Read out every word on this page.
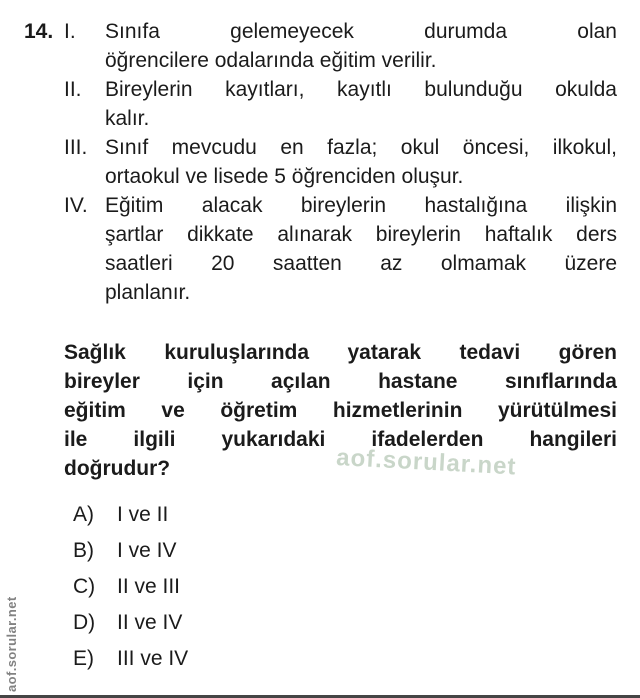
aof.sorular.net
aof.sorular.net
14. I.	Sınıfa gelemeyecek durumda olan
öğrencilere odalarında eğitim verilir.
II.	Bireylerin kayıtları, kayıtlı bulunduğu okulda
kalır.
III. Sınıf mevcudu en fazla; okul öncesi, ilkokul,
ortaokul ve lisede 5 öğrenciden oluşur.
IV. Eğitim alacak bireylerin hastalığına ilişkin
şartlar dikkate alınarak bireylerin haftalık ders
saatleri 20 saatten az olmamak üzere
planlanır.
Sağlık kuruluşlarında yatarak tedavi gören
bireyler için açılan hastane sınıflarında
eğitim ve öğretim hizmetlerinin yürütülmesi
ile ilgili yukarıdaki ifadelerden hangileri
doğrudur?
A)	I ve II
B)	I ve IV
C)	II ve III
D)	II ve IV
E)	III ve IV
